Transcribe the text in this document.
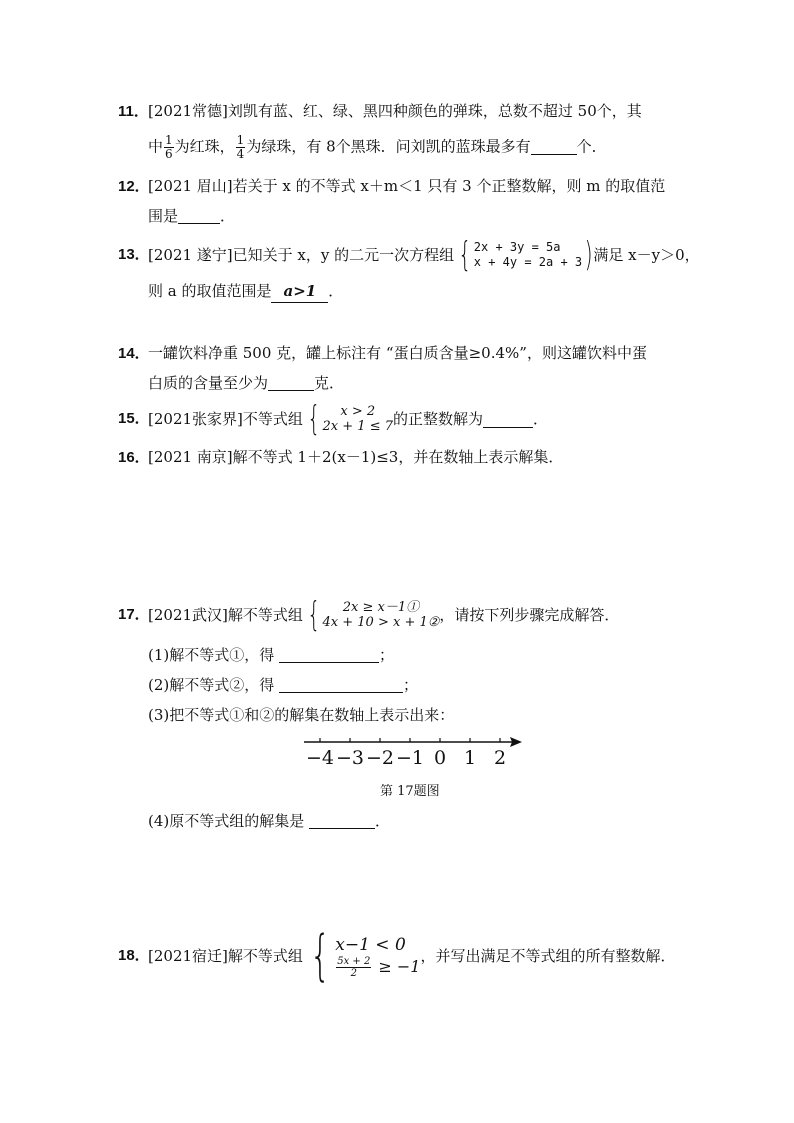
11．[2021常德]刘凯有蓝、红、绿、黑四种颜色的弹珠，总数不超过 50个，其
中 $\frac{1}{6}$ 为红珠， $\frac{1}{4}$ 为绿珠，有 8个黑珠．问刘凯的蓝珠最多有	个．
12．[2021 眉山]若关于 x 的不等式 x＋m＜1 只有 3 个正整数解，则 m 的取值范
围是	．
13．
[2021 遂宁]已知关于 x，y 的二元一次方程组 { 2x + 3y = 5a
x + 4y = 2a + 3 ) 满足 x－y＞0，
则 a 的取值范围是 a>1 ．
14．一罐饮料净重 500 克，罐上标注有 “蛋白质含量≥0.4%”，则这罐饮料中蛋
白质的含量至少为	克．
15．
[2021张家界]不等式组 { x > 2
2x + 1 ≤ 7 的正整数解为	．
16．[2021 南京]解不等式 1＋2(x－1)≤3，并在数轴上表示解集．
17．
[2021武汉]解不等式组 { 2x ≥ x－1①
4x + 10 > x + 1② ，请按下列步骤完成解答．
(1)解不等式①，得	；
(2)解不等式②，得	；
(3)把不等式①和②的解集在数轴上表示出来：
−4 −3 −2 −1 0 1 2
第 17题图
(4)原不等式组的解集是	．
18．
[2021宿迁]解不等式组 { x−1 < 0
$\frac{5x + 2}{2} \ge -1$
，并写出满足不等式组的所有整数解．
